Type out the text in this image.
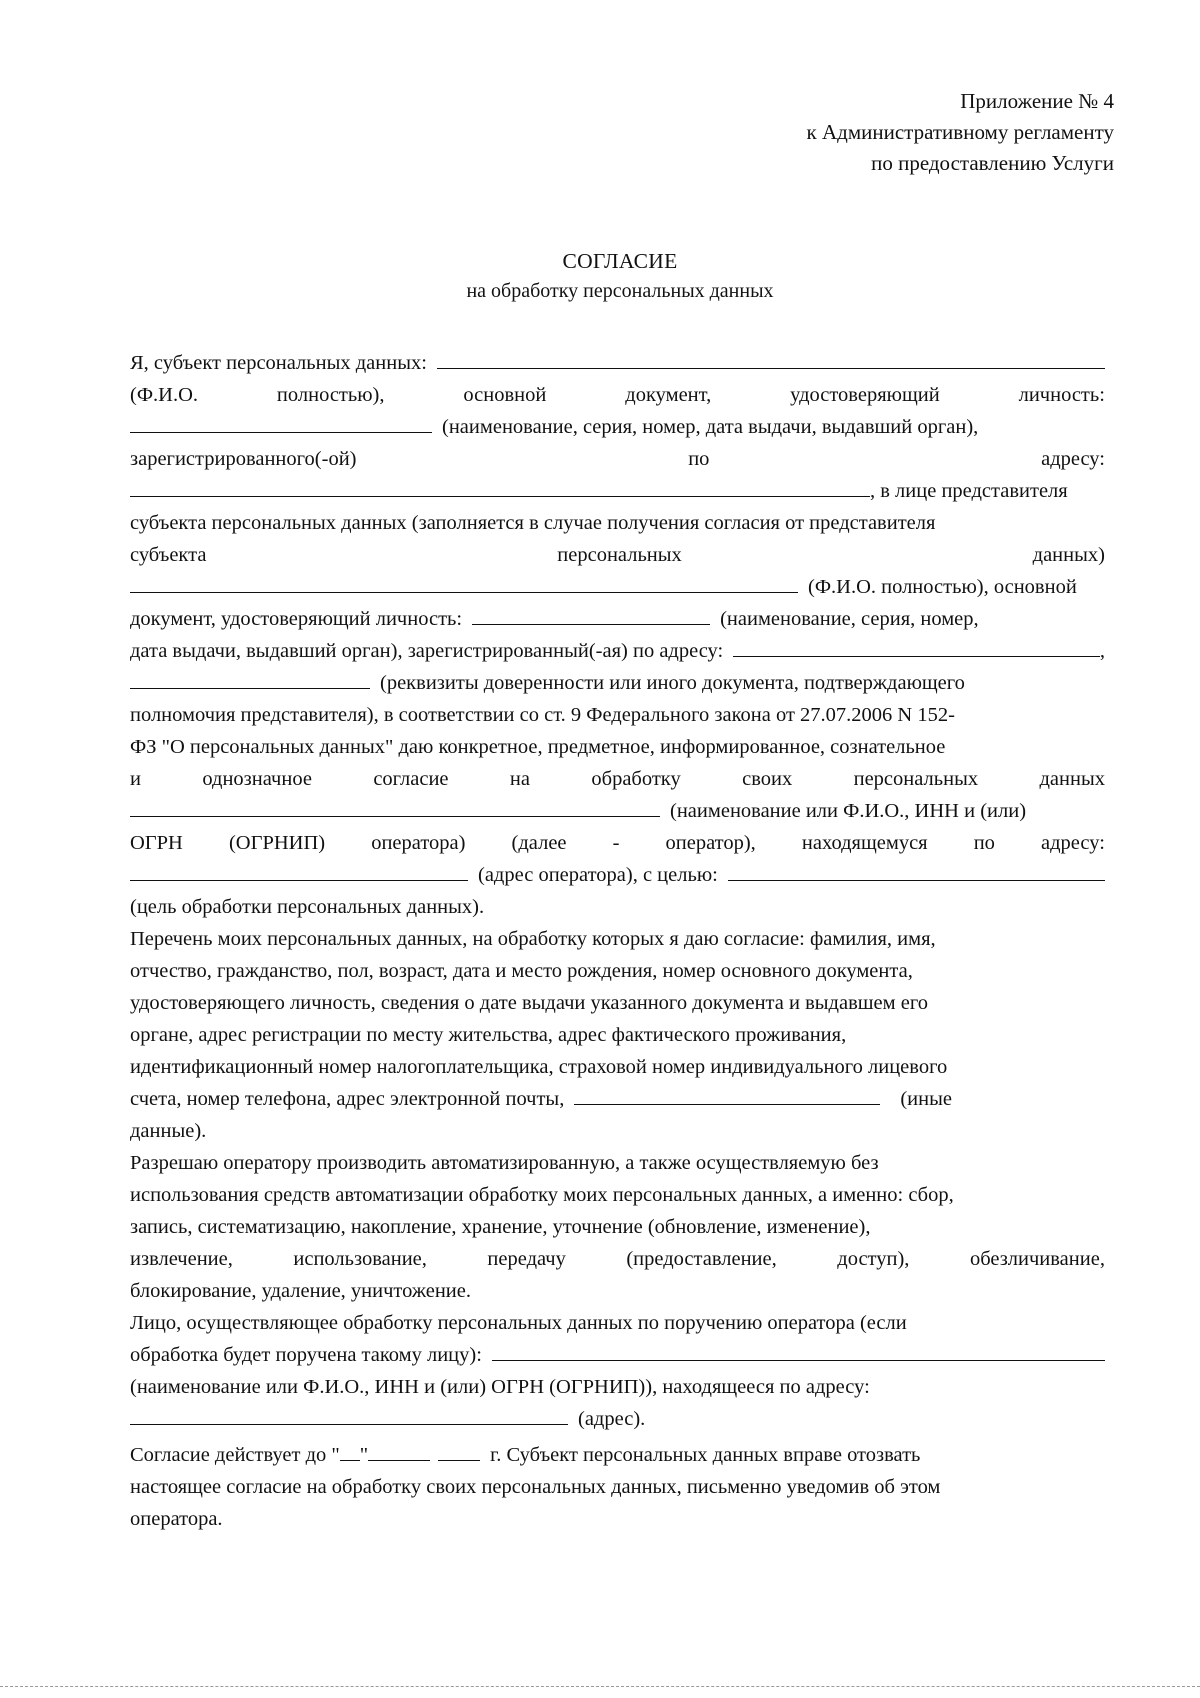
Приложение № 4
к Административному регламенту
по предоставлению Услуги
СОГЛАСИЕ
на обработку персональных данных
Я, субъект персональных данных:
(Ф.И.О.	полностью),	основной	документ,	удостоверяющий	личность:
(наименование, серия, номер, дата выдачи, выдавший орган),
зарегистрированного(-ой)	по	адресу:
, в лице представителя
субъекта персональных данных (заполняется в случае получения согласия от представителя
субъекта	персональных	данных)
(Ф.И.О. полностью), основной
документ, удостоверяющий личность:	(наименование, серия, номер,
дата выдачи, выдавший орган), зарегистрированный(-ая) по адресу:	,
(реквизиты доверенности или иного документа, подтверждающего
полномочия представителя), в соответствии со ст. 9 Федерального закона от 27.07.2006 N 152-
ФЗ "О персональных данных" даю конкретное, предметное, информированное, сознательное
и	однозначное	согласие	на	обработку	своих	персональных	данных
(наименование или Ф.И.О., ИНН и (или)
ОГРН (ОГРНИП) оператора) (далее - оператор), находящемуся по адресу:
(адрес оператора), с целью:
(цель обработки персональных данных).
Перечень моих персональных данных, на обработку которых я даю согласие: фамилия, имя,
отчество, гражданство, пол, возраст, дата и место рождения, номер основного документа,
удостоверяющего личность, сведения о дате выдачи указанного документа и выдавшем его
органе, адрес регистрации по месту жительства, адрес фактического проживания,
идентификационный номер налогоплательщика, страховой номер индивидуального лицевого
счета, номер телефона, адрес электронной почты,	(иные
данные).
Разрешаю оператору производить автоматизированную, а также осуществляемую без
использования средств автоматизации обработку моих персональных данных, а именно: сбор,
запись, систематизацию, накопление, хранение, уточнение (обновление, изменение),
извлечение,	использование,	передачу	(предоставление,	доступ),	обезличивание,
блокирование, удаление, уничтожение.
Лицо, осуществляющее обработку персональных данных по поручению оператора (если
обработка будет поручена такому лицу):
(наименование или Ф.И.О., ИНН и (или) ОГРН (ОГРНИП)), находящееся по адресу:
(адрес).
Согласие действует до " "	г. Субъект персональных данных вправе отозвать
настоящее согласие на обработку своих персональных данных, письменно уведомив об этом
оператора.
